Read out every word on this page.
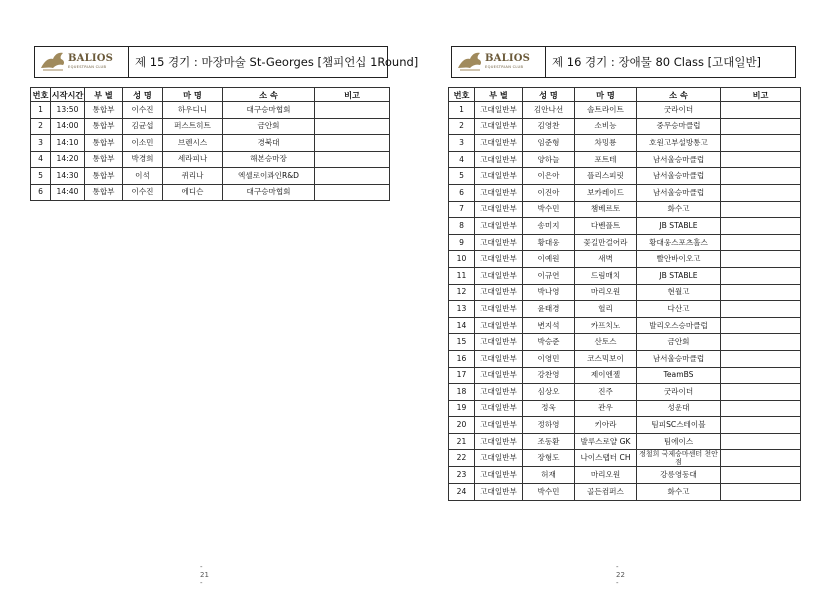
BALIOS
EQUESTRIAN CLUB 제 15 경기 : 마장마술 St-Georges [챔피언십 1Round]
번호	시작시간	부 별	성 명	마 명	소 속	비고
1	13:50	통합부	이수진	하우디니	대구승마협회	
2	14:00	통합부	김균섭	퍼스트히트	금안회	
3	14:10	통합부	이소민	브렌시스	경북대	
4	14:20	통합부	박경희	세라피나	해본승마장	
5	14:30	통합부	이석	퀴리나	엑셀로이콰인R&D	
6	14:40	통합부	이수진	에디슨	대구승마협회	
- 21 -
BALIOS
EQUESTRIAN CLUB 제 16 경기 : 장애물 80 Class [고대일반]
번호	부 별	성 명	마 명	소 속	비고
1	고대일반부	김안나선	솔트라이트	굿라이더	
2	고대일반부	김영찬	소비능	중무승마클럽	
3	고대일반부	임준형	차밍룡	호원고부설방통고	
4	고대일반부	양하늘	포트테	남서울승마클럽	
5	고대일반부	이은아	플리스피릿	남서울승마클럽	
6	고대일반부	이진아	보카레이드	남서울승마클럽	
7	고대일반부	박수민	챔베르토	화수고	
8	고대일반부	송미지	다벤플트	JB STABLE	
9	고대일반부	황대웅	꽃길만걸어라	황대웅스포츠홀스	
10	고대일반부	이예원	새벽	빨안바이오고	
11	고대일반부	이규연	드림매치	JB STABLE	
12	고대일반부	박나영	마리오원	현월고	
13	고대일반부	윤태경	헐리	다산고	
14	고대일반부	변지석	카프치노	발리오스승마클럽	
15	고대일반부	박승준	산토스	금안회	
16	고대일반부	이영민	코스믹보이	남서울승마클럽	
17	고대일반부	강찬영	제이엔젤	TeamBS	
18	고대일반부	심상오	진주	굿라이더	
19	고대일반부	정욱	관우	성운대	
20	고대일반부	정하영	키아라	팀피SC스테이블	
21	고대일반부	조동환	발루스로얄 GK	팀에이스	
22	고대일반부	장형도	나이스탭터 CH	정철희 국제승마센터 천안점	
23	고대일반부	허재	마리오원	강릉영동대	
24	고대일반부	박수민	골든컴퍼스	화수고	
- 22 -
